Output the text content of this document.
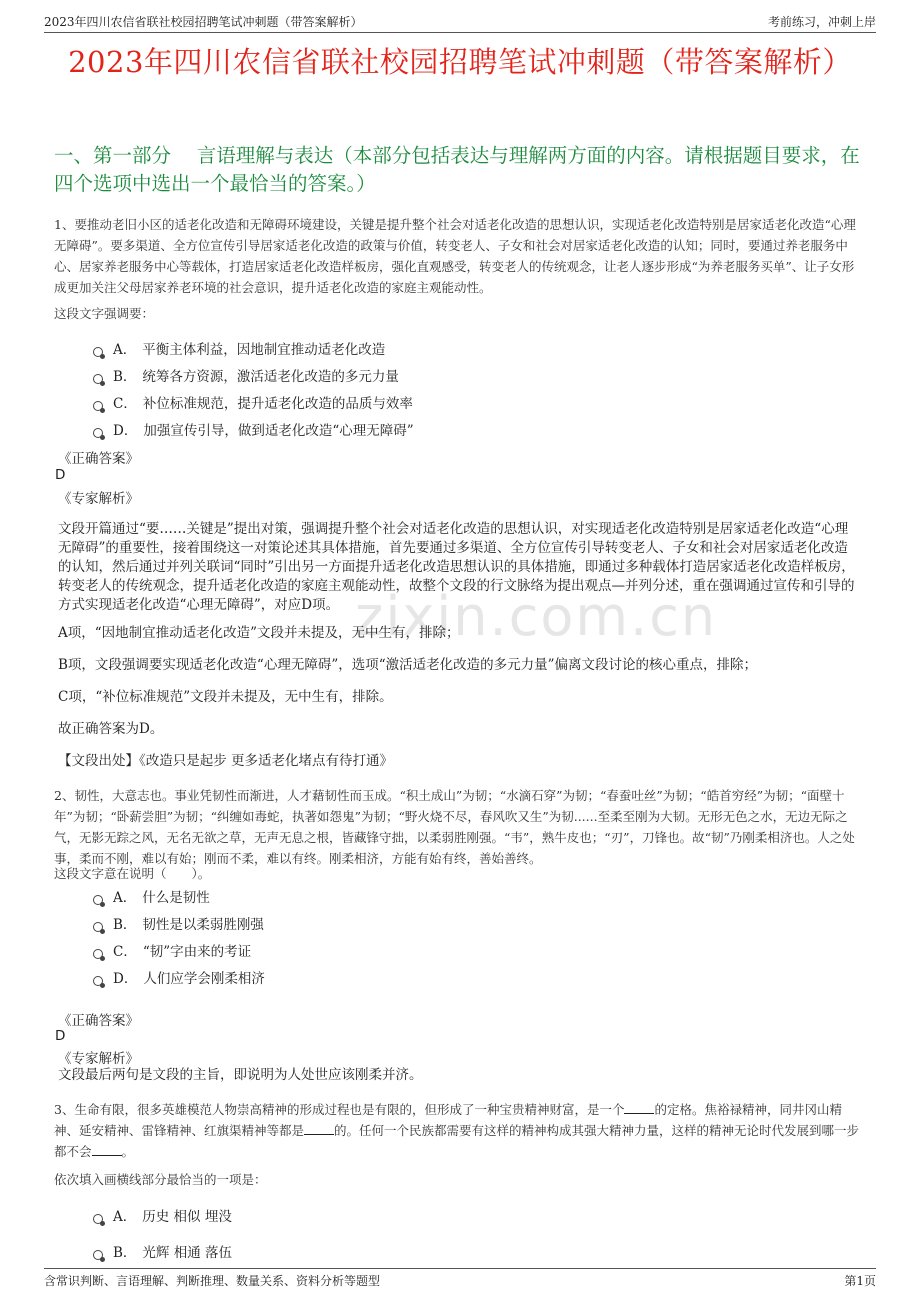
2023年四川农信省联社校园招聘笔试冲刺题（带答案解析）	考前练习，冲刺上岸
2023年四川农信省联社校园招聘笔试冲刺题（带答案解析）
一、第一部分　 言语理解与表达（本部分包括表达与理解两方面的内容。请根据题目要求，在四个选项中选出一个最恰当的答案。）
zixin.com.cn
1、要推动老旧小区的适老化改造和无障碍环境建设，关键是提升整个社会对适老化改造的思想认识，实现适老化改造特别是居家适老化改造“心理无障碍”。要多渠道、全方位宣传引导居家适老化改造的政策与价值，转变老人、子女和社会对居家适老化改造的认知；同时，要通过养老服务中心、居家养老服务中心等载体，打造居家适老化改造样板房，强化直观感受，转变老人的传统观念，让老人逐步形成“为养老服务买单”、让子女形成更加关注父母居家养老环境的社会意识，提升适老化改造的家庭主观能动性。
这段文字强调要：
A． 平衡主体利益，因地制宜推动适老化改造
B． 统筹各方资源，激活适老化改造的多元力量
C． 补位标准规范，提升适老化改造的品质与效率
D． 加强宣传引导，做到适老化改造“心理无障碍”
《正确答案》
D
《专家解析》
文段开篇通过“要……关键是”提出对策，强调提升整个社会对适老化改造的思想认识，对实现适老化改造特别是居家适老化改造“心理无障碍”的重要性，接着围绕这一对策论述其具体措施，首先要通过多渠道、全方位宣传引导转变老人、子女和社会对居家适老化改造的认知，然后通过并列关联词“同时”引出另一方面提升适老化改造思想认识的具体措施，即通过多种载体打造居家适老化改造样板房，转变老人的传统观念，提升适老化改造的家庭主观能动性，故整个文段的行文脉络为提出观点—并列分述，重在强调通过宣传和引导的方式实现适老化改造“心理无障碍”，对应D项。
A项，“因地制宜推动适老化改造”文段并未提及，无中生有，排除；
B项，文段强调要实现适老化改造“心理无障碍”，选项“激活适老化改造的多元力量”偏离文段讨论的核心重点，排除；
C项，“补位标准规范”文段并未提及，无中生有，排除。
故正确答案为D。
【文段出处】《改造只是起步 更多适老化堵点有待打通》
2、韧性，大意志也。事业凭韧性而渐进，人才藉韧性而玉成。“积土成山”为韧；“水滴石穿”为韧；“春蚕吐丝”为韧；“皓首穷经”为韧；“面壁十年”为韧；“卧薪尝胆”为韧；“纠缠如毒蛇，执著如怨鬼”为韧；“野火烧不尽，春风吹又生”为韧......至柔至刚为大韧。无形无色之水，无边无际之气，无影无踪之风，无名无欲之草，无声无息之根，皆藏锋守拙，以柔弱胜刚强。“韦”，熟牛皮也；“刃”，刀锋也。故“韧”乃刚柔相济也。人之处事，柔而不刚，难以有始；刚而不柔，难以有终。刚柔相济，方能有始有终，善始善终。
这段文字意在说明（　　）。
A． 什么是韧性
B． 韧性是以柔弱胜刚强
C． “韧”字由来的考证
D． 人们应学会刚柔相济
《正确答案》
D
《专家解析》
文段最后两句是文段的主旨，即说明为人处世应该刚柔并济。
3、生命有限，很多英雄模范人物崇高精神的形成过程也是有限的，但形成了一种宝贵精神财富，是一个 的定格。焦裕禄精神，同井冈山精神、延安精神、雷锋精神、红旗渠精神等都是 的。任何一个民族都需要有这样的精神构成其强大精神力量，这样的精神无论时代发展到哪一步都不会 。
依次填入画横线部分最恰当的一项是：
A． 历史 相似 埋没
B． 光辉 相通 落伍
含常识判断、言语理解、判断推理、数量关系、资料分析等题型	第1页
